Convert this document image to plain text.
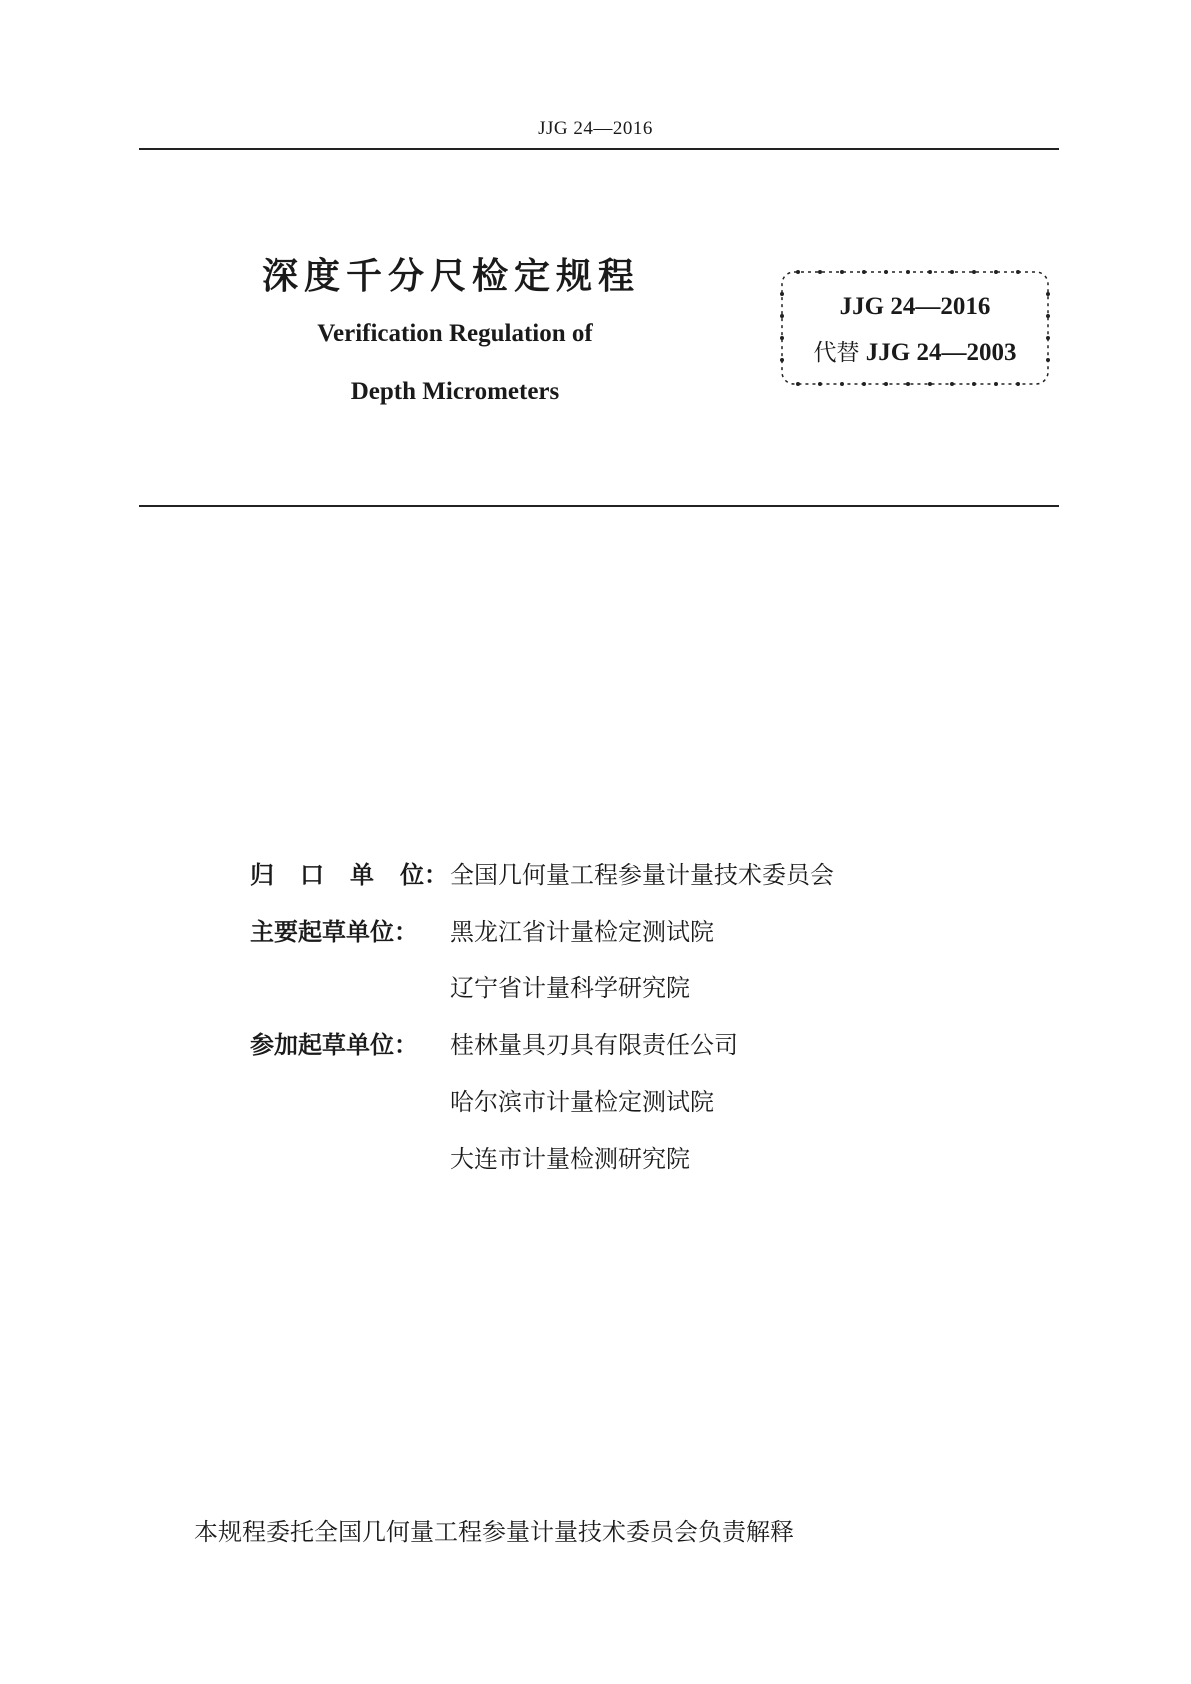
JJG 24—2016
深度千分尺检定规程
Verification Regulation of
Depth Micrometers
JJG 24—2016
代替 JJG 24—2003
归 口 单 位：全国几何量工程参量计量技术委员会
主要起草单位： 黑龙江省计量检定测试院
辽宁省计量科学研究院
参加起草单位： 桂林量具刃具有限责任公司
哈尔滨市计量检定测试院
大连市计量检测研究院
本规程委托全国几何量工程参量计量技术委员会负责解释
